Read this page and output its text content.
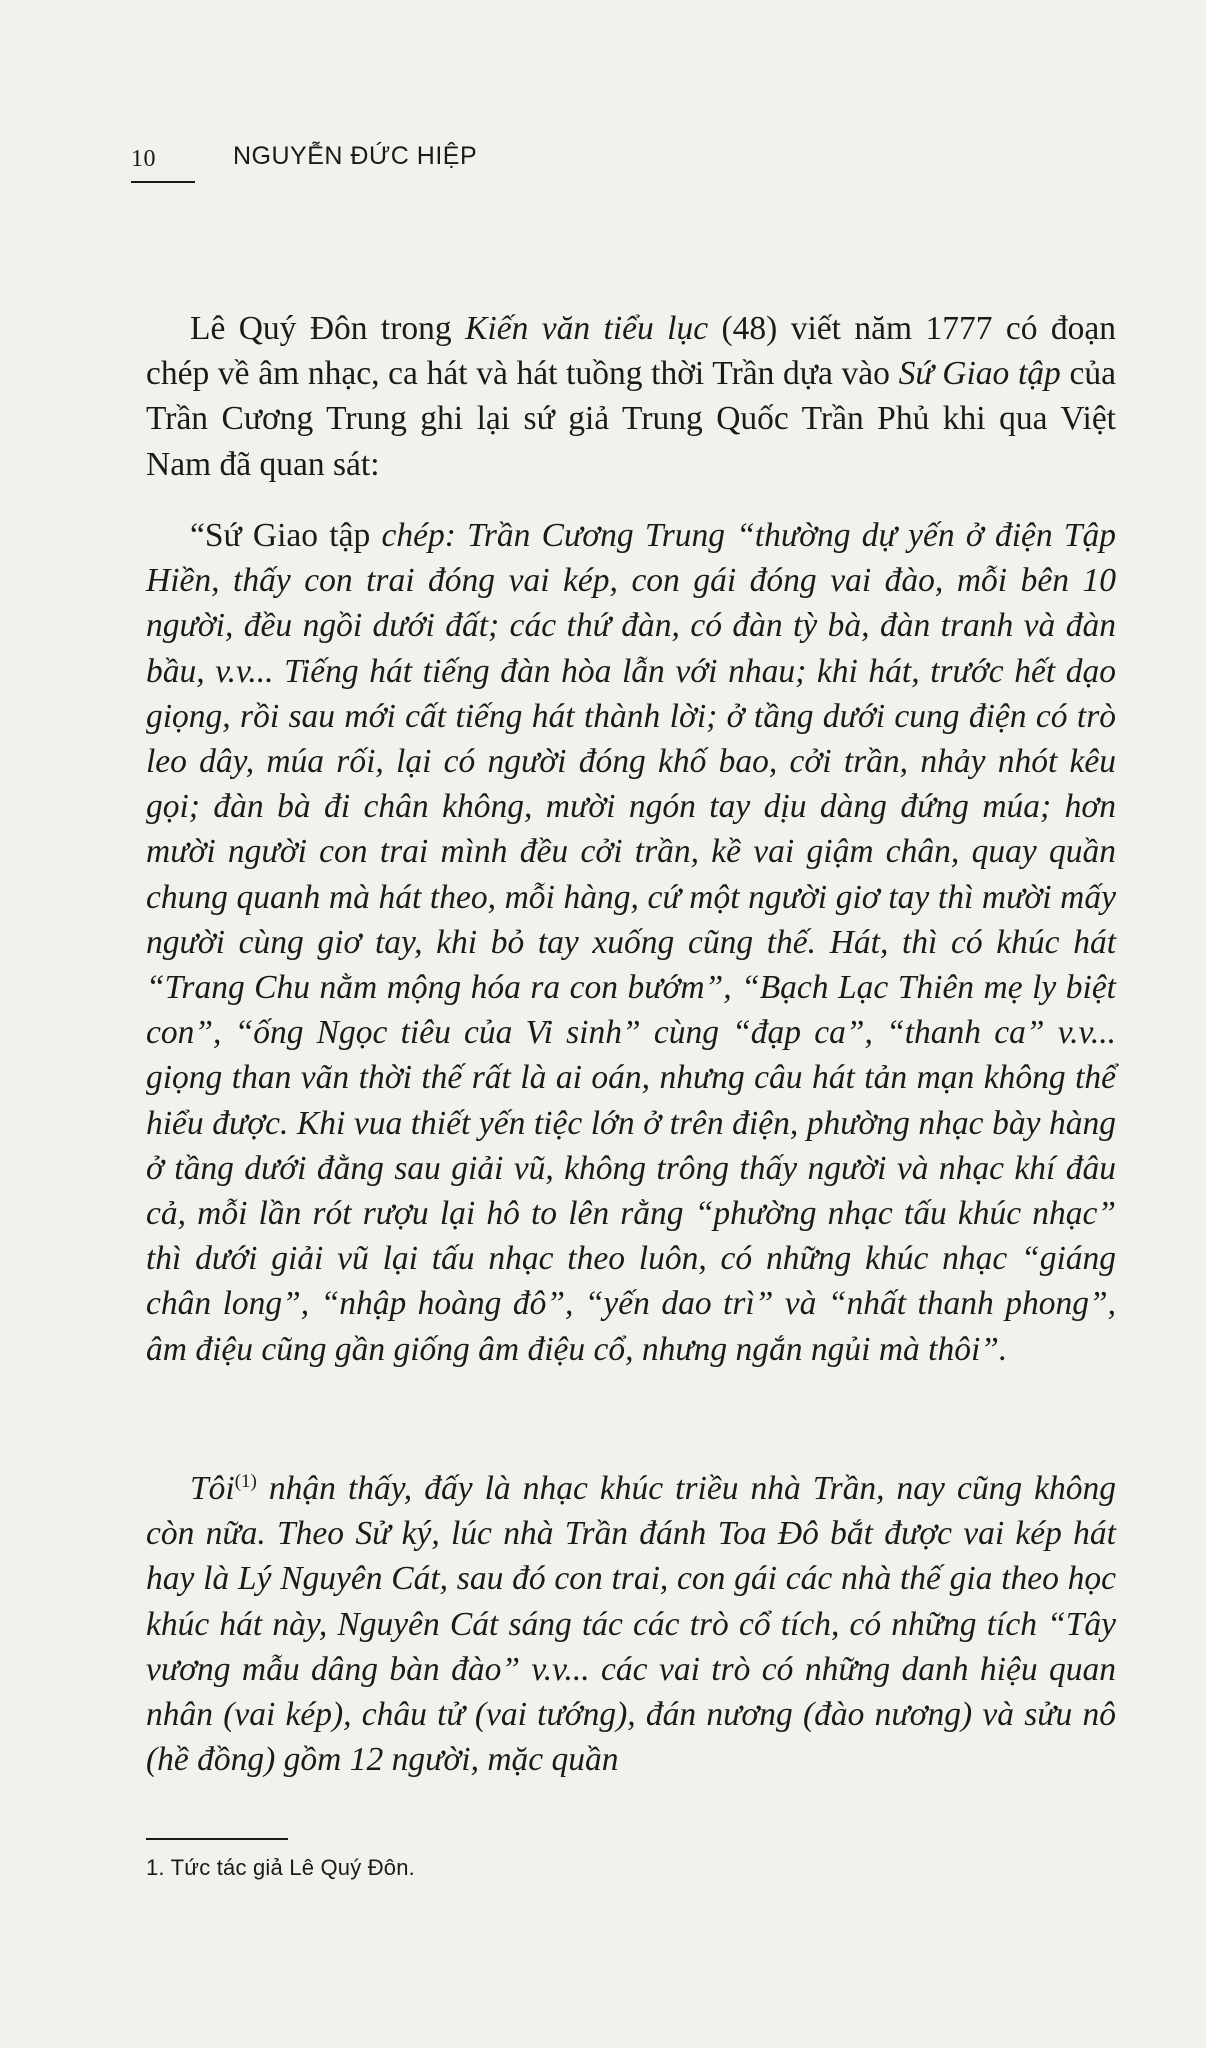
10	NGUYỄN ĐỨC HIỆP

Lê Quý Đôn trong Kiến văn tiểu lục (48) viết năm 1777 có đoạn chép về âm nhạc, ca hát và hát tuồng thời Trần dựa vào Sứ Giao tập của Trần Cương Trung ghi lại sứ giả Trung Quốc Trần Phủ khi qua Việt Nam đã quan sát:

“Sứ Giao tập chép: Trần Cương Trung “thường dự yến ở điện Tập Hiền, thấy con trai đóng vai kép, con gái đóng vai đào, mỗi bên 10 người, đều ngồi dưới đất; các thứ đàn, có đàn tỳ bà, đàn tranh và đàn bầu, v.v... Tiếng hát tiếng đàn hòa lẫn với nhau; khi hát, trước hết dạo giọng, rồi sau mới cất tiếng hát thành lời; ở tầng dưới cung điện có trò leo dây, múa rối, lại có người đóng khố bao, cởi trần, nhảy nhót kêu gọi; đàn bà đi chân không, mười ngón tay dịu dàng đứng múa; hơn mười người con trai mình đều cởi trần, kề vai giậm chân, quay quần chung quanh mà hát theo, mỗi hàng, cứ một người giơ tay thì mười mấy người cùng giơ tay, khi bỏ tay xuống cũng thế. Hát, thì có khúc hát “Trang Chu nằm mộng hóa ra con bướm”, “Bạch Lạc Thiên mẹ ly biệt con”, “ống Ngọc tiêu của Vi sinh” cùng “đạp ca”, “thanh ca” v.v... giọng than vãn thời thế rất là ai oán, nhưng câu hát tản mạn không thể hiểu được. Khi vua thiết yến tiệc lớn ở trên điện, phường nhạc bày hàng ở tầng dưới đằng sau giải vũ, không trông thấy người và nhạc khí đâu cả, mỗi lần rót rượu lại hô to lên rằng “phường nhạc tấu khúc nhạc” thì dưới giải vũ lại tấu nhạc theo luôn, có những khúc nhạc “giáng chân long”, “nhập hoàng đô”, “yến dao trì” và “nhất thanh phong”, âm điệu cũng gần giống âm điệu cổ, nhưng ngắn ngủi mà thôi”.

Tôi$^{(1)}$ nhận thấy, đấy là nhạc khúc triều nhà Trần, nay cũng không còn nữa. Theo Sử ký, lúc nhà Trần đánh Toa Đô bắt được vai kép hát hay là Lý Nguyên Cát, sau đó con trai, con gái các nhà thế gia theo học khúc hát này, Nguyên Cát sáng tác các trò cổ tích, có những tích “Tây vương mẫu dâng bàn đào” v.v... các vai trò có những danh hiệu quan nhân (vai kép), châu tử (vai tướng), đán nương (đào nương) và sửu nô (hề đồng) gồm 12 người, mặc quần

1. Tức tác giả Lê Quý Đôn.
